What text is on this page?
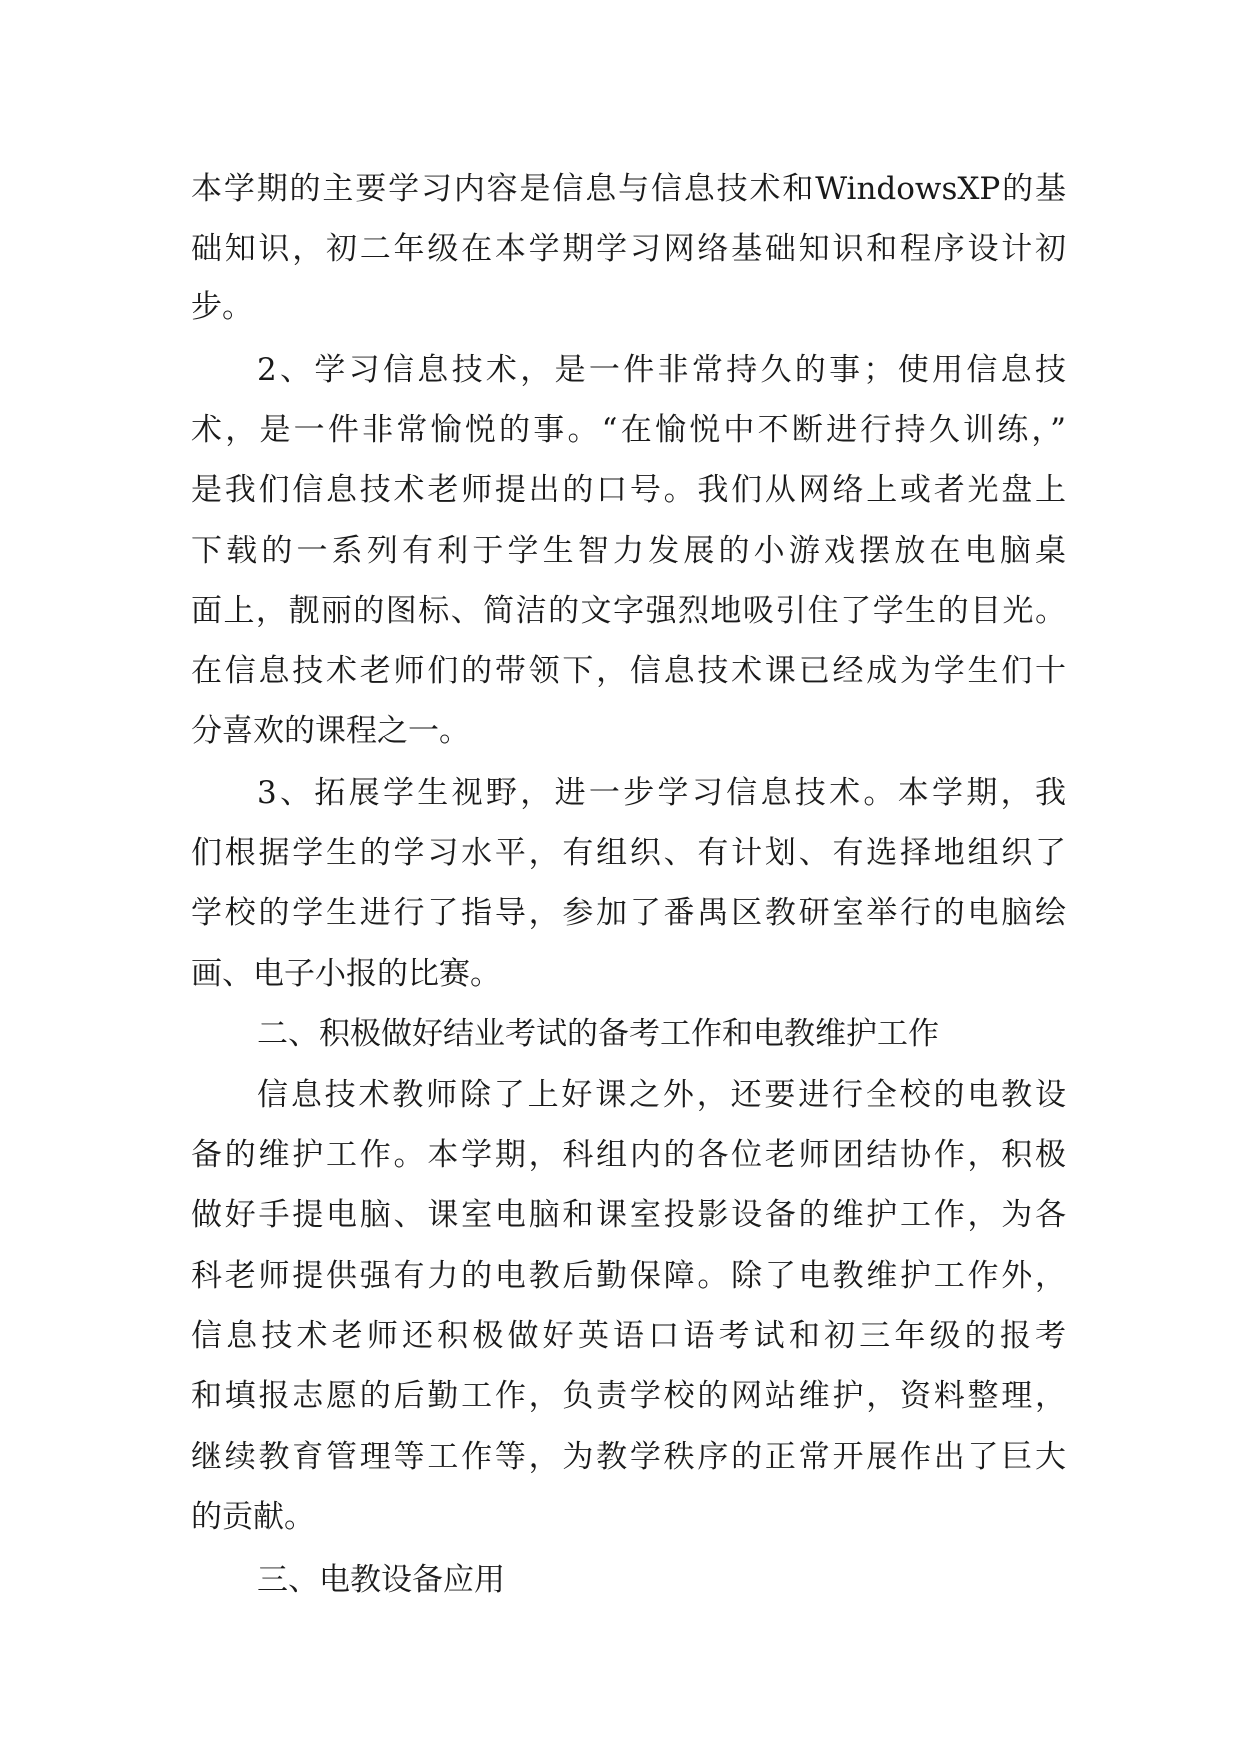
本学期的主要学习内容是信息与信息技术和WindowsXP的基

础知识，初二年级在本学期学习网络基础知识和程序设计初

步。

2、学习信息技术，是一件非常持久的事；使用信息技

术，是一件非常愉悦的事。“在愉悦中不断进行持久训练，”

是我们信息技术老师提出的口号。我们从网络上或者光盘上

下载的一系列有利于学生智力发展的小游戏摆放在电脑桌

面上，靓丽的图标、简洁的文字强烈地吸引住了学生的目光。

在信息技术老师们的带领下，信息技术课已经成为学生们十

分喜欢的课程之一。

3、拓展学生视野，进一步学习信息技术。本学期，我

们根据学生的学习水平，有组织、有计划、有选择地组织了

学校的学生进行了指导，参加了番禺区教研室举行的电脑绘

画、电子小报的比赛。

二、积极做好结业考试的备考工作和电教维护工作

信息技术教师除了上好课之外，还要进行全校的电教设

备的维护工作。本学期，科组内的各位老师团结协作，积极

做好手提电脑、课室电脑和课室投影设备的维护工作，为各

科老师提供强有力的电教后勤保障。除了电教维护工作外，

信息技术老师还积极做好英语口语考试和初三年级的报考

和填报志愿的后勤工作，负责学校的网站维护，资料整理，

继续教育管理等工作等，为教学秩序的正常开展作出了巨大

的贡献。

三、电教设备应用
